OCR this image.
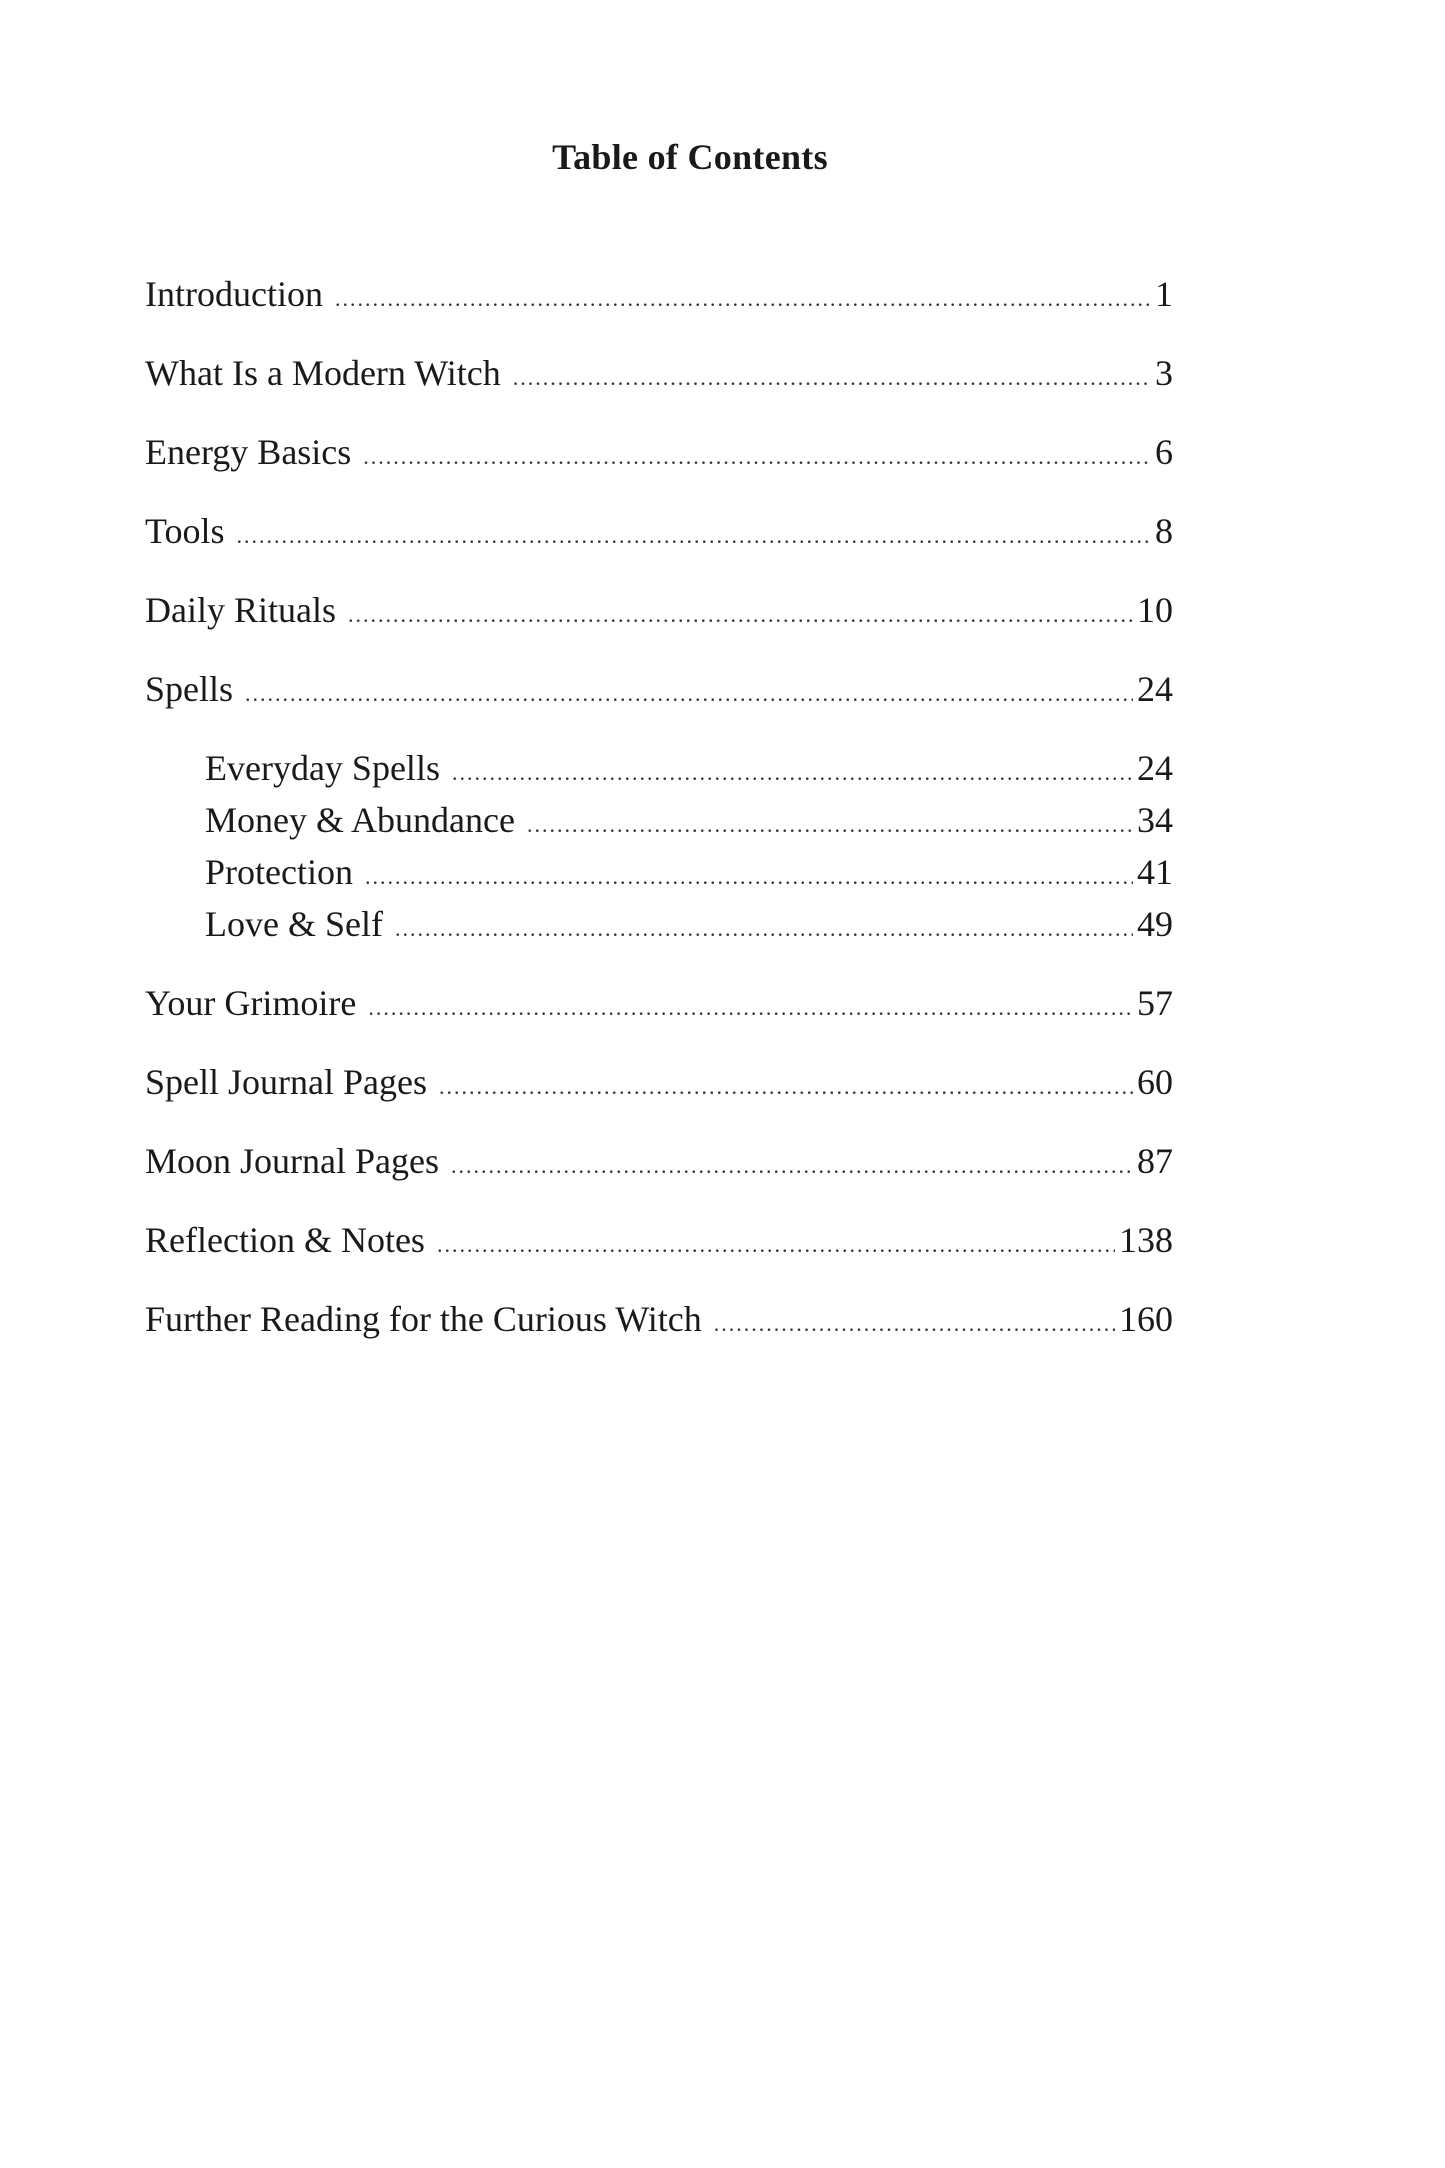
Table of Contents
Introduction .....	1
What Is a Modern Witch .....	3
Energy Basics .....	6
Tools .....	8
Daily Rituals .....	10
Spells .....	24
Everyday Spells .....	24
Money & Abundance .....	34
Protection .....	41
Love & Self .....	49
Your Grimoire .....	57
Spell Journal Pages .....	60
Moon Journal Pages .....	87
Reflection & Notes .....	138
Further Reading for the Curious Witch .....	160
